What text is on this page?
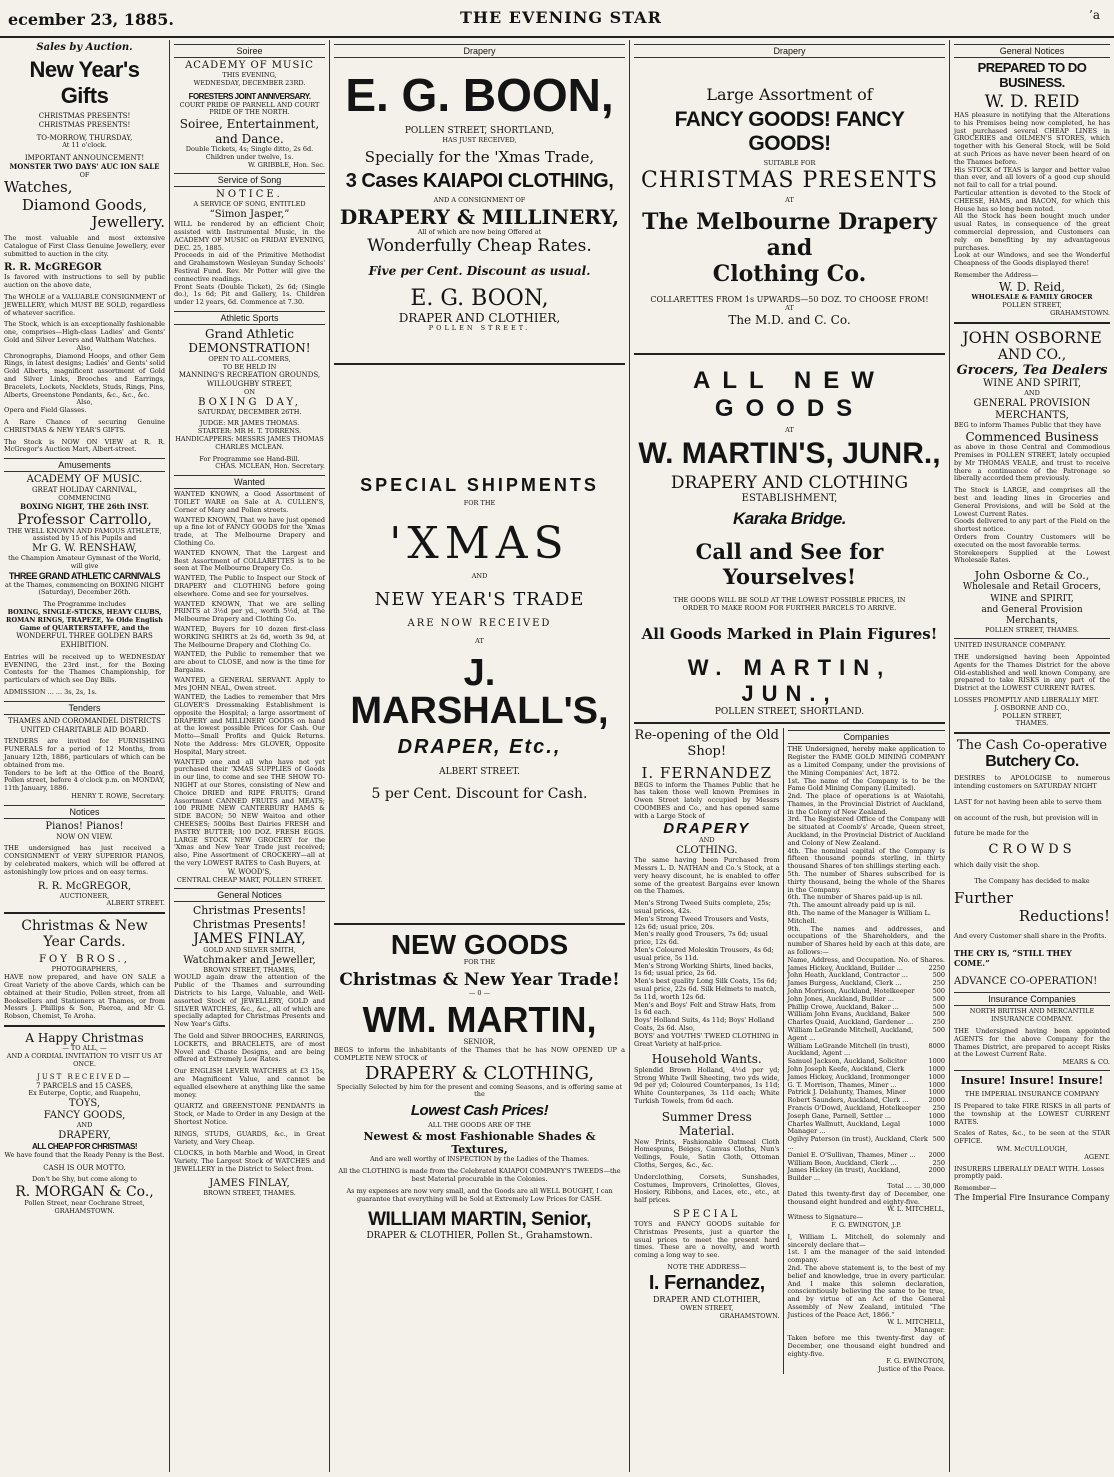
ecember 23, 1885.	THE EVENING STAR	’a
Sales by Auction.
New Year's Gifts
CHRISTMAS PRESENTS!
CHRISTMAS PRESENTS!
TO-MORROW, THURSDAY,
At 11 o'clock.
IMPORTANT ANNOUNCEMENT!
MONSTER TWO DAYS' AUC ION SALE
OF
Watches,
Diamond Goods,
Jewellery.
The most valuable and most extensive Catalogue of First Class Genuine Jewellery, ever submitted to auction in the city.
R. R. McGREGOR
Is favored with instructions to sell by public auction on the above date,
The WHOLE of a VALUABLE CONSIGNMENT of JEWELLERY, which MUST BE SOLD, regardless of whatever sacrifice.
The Stock, which is an exceptionally fashionable one, comprises—High-class Ladies' and Gents' Gold and Silver Levers and Waltham Watches.
Also,
Chronographs, Diamond Hoops, and other Gem Rings, in latest designs; Ladies' and Gents' solid Gold Alberts, magnificent assortment of Gold and Silver Links, Brooches and Earrings, Bracelets, Lockets, Necklets, Studs, Rings, Pins, Alberts, Greenstone Pendants, &c., &c., &c.
Also,
Opera and Field Glasses.
A Rare Chance of securing Genuine CHRISTMAS & NEW YEAR'S GIFTS.
The Stock is NOW ON VIEW at R. R. McGregor's Auction Mart, Albert-street.
Amusements
ACADEMY OF MUSIC.
GREAT HOLIDAY CARNIVAL,
COMMENCING
BOXING NIGHT, THE 26th INST.
Professor Carrollo,
THE WELL KNOWN AND FAMOUS ATHLETE, assisted by 15 of his Pupils and
Mr G. W. RENSHAW,
the Champion Amateur Gymnast of the World, will give
THREE GRAND ATHLETIC CARNIVALS
at the Thames, commencing on BOXING NIGHT (Saturday), December 26th.
The Programme includes
BOXING, SINGLE-STICKS, HEAVY CLUBS, ROMAN RINGS, TRAPEZE, Ye Olde English Game of QUARTERSTAFFE, and the
WONDERFUL THREE GOLDEN BARS EXHIBITION.
Entries will be received up to WEDNESDAY EVENING, the 23rd inst., for the Boxing Contests for the Thames Championship, for particulars of which see Day Bills.
ADMISSION ... ... 3s, 2s, 1s.
Tenders
THAMES AND COROMANDEL DISTRICTS UNITED CHARITABLE AID BOARD.
TENDERS are invited for FURNISHING FUNERALS for a period of 12 Months, from January 12th, 1886, particulars of which can be obtained from me.
Tenders to be left at the Office of the Board, Pollen street, before 4 o'clock p.m. on MONDAY, 11th January, 1886.
HENRY T. ROWE, Secretary.
Notices
Pianos! Pianos!
NOW ON VIEW.
THE undersigned has just received a CONSIGNMENT of VERY SUPERIOR PIANOS, by celebrated makers, which will be offered at astonishingly low prices and on easy terms.
R. R. McGREGOR,
AUCTIONEER,
ALBERT STREET.
Christmas & New
Year Cards.
FOY BROS.,
PHOTOGRAPHERS,
HAVE now prepared, and have ON SALE a Great Variety of the above Cards, which can be obtained at their Studio, Pollen street, from all Booksellers and Stationers at Thames, or from Messrs J. Phillips & Son, Paeroa, and Mr G. Robson, Chemist, Te Aroha.
A Happy Christmas
— TO ALL, —
AND A CORDIAL INVITATION TO VISIT US AT ONCE.
JUST RECEIVED—
7 PARCELS and 15 CASES,
Ex Euterpe, Coptic, and Ruapehu,
TOYS,
FANCY GOODS,
AND
DRAPERY,
ALL CHEAP FOR CHRISTMAS!
We have found that the Ready Penny is the Best.
CASH IS OUR MOTTO.
Don't be Shy, but come along to
R. MORGAN & Co.,
Pollen Street, near Cochrane Street,
GRAHAMSTOWN.
Soiree
ACADEMY OF MUSIC
THIS EVENING,
WEDNESDAY, DECEMBER 23RD.
FORESTERS JOINT ANNIVERSARY.
COURT PRIDE OF PARNELL AND COURT PRIDE OF THE NORTH.
Soiree, Entertainment, and Dance.
Double Tickets, 4s; Single ditto, 2s 6d. Children under twelve, 1s.
W. GRIBBLE, Hon. Sec.
Service of Song
NOTICE.
A SERVICE OF SONG, ENTITLED
“Simon Jasper,”
WILL be rendered by an efficient Choir, assisted with Instrumental Music, in the ACADEMY OF MUSIC on FRIDAY EVENING, DEC. 25, 1885.
Proceeds in aid of the Primitive Methodist and Grahamstown Wesleyan Sunday Schools' Festival Fund. Rev. Mr Potter will give the connective readings.
Front Seats (Double Ticket), 2s 6d; (Single do.), 1s 6d; Pit and Gallery, 1s. Children under 12 years, 6d. Commence at 7.30.
Athletic Sports
Grand Athletic
DEMONSTRATION!
OPEN TO ALL-COMERS,
TO BE HELD IN
MANNING'S RECREATION GROUNDS, WILLOUGHBY STREET,
ON
BOXING DAY,
SATURDAY, DECEMBER 26TH.
JUDGE: MR JAMES THOMAS.
STARTER: MR H. T. TORRENS.
HANDICAPPERS: MESSRS JAMES THOMAS CHARLES MCLEAN.
For Programme see Hand-Bill.
CHAS. MCLEAN, Hon. Secretary.
Wanted
WANTED KNOWN, a Good Assortment of TOILET WARE on Sale at A. CULLEN'S, Corner of Mary and Pollen streets.
WANTED KNOWN, That we have just opened up a fine lot of FANCY GOODS for the 'Xmas trade, at The Melbourne Drapery and Clothing Co.
WANTED KNOWN, That the Largest and Best Assortment of COLLARETTES is to be seen at The Melbourne Drapery Co.
WANTED, The Public to Inspect our Stock of DRAPERY and CLOTHING before going elsewhere. Come and see for yourselves.
WANTED KNOWN, That we are selling PRINTS at 3½d per yd., worth 5½d, at The Melbourne Drapery and Clothing Co.
WANTED, Buyers for 10 dozen first-class WORKING SHIRTS at 2s 6d, worth 3s 9d, at The Melbourne Drapery and Clothing Co.
WANTED, the Public to remember that we are about to CLOSE, and now is the time for Bargains.
WANTED, a GENERAL SERVANT. Apply to Mrs JOHN NEAL, Owen street.
WANTED, the Ladies to remember that Mrs GLOVER'S Dressmaking Establishment is opposite the Hospital; a large assortment of DRAPERY and MILLINERY GOODS on hand at the lowest possible Prices for Cash. Our Motto—Small Profits and Quick Returns. Note the Address: Mrs GLOVER, Opposite Hospital, Mary street.
WANTED one and all who have not yet purchased their 'XMAS SUPPLIES of Goods in our line, to come and see THE SHOW TO-NIGHT at our Stores, consisting of New and Choice DRIED and RIPE FRUITS; Grand Assortment CANNED FRUITS and MEATS; 100 PRIME NEW CANTERBURY HAMS & SIDE BACON; 50 NEW Waitoa and other CHEESES; 500lbs Best Dairies FRESH and PASTRY BUTTER; 100 DOZ. FRESH EGGS. LARGE STOCK NEW GROCERY for the 'Xmas and New Year Trade just received; also, Fine Assortment of CROCKERY—all at the very LOWEST RATES to Cash Buyers, at
W. WOOD'S,
CENTRAL CHEAP MART, POLLEN STREET.
General Notices
Christmas Presents!
Christmas Presents!
JAMES FINLAY,
GOLD AND SILVER SMITH,
Watchmaker and Jeweller,
BROWN STREET, THAMES,
WOULD again draw the attention of the Public of the Thames and surrounding Districts to his Large, Valuable, and Well-assorted Stock of JEWELLERY, GOLD and SILVER WATCHES, &c., &c., all of which are specially adapted for Christmas Presents and New Year's Gifts.
The Gold and Silver BROOCHES, EARRINGS, LOCKETS, and BRACELETS, are of most Novel and Chaste Designs, and are being offered at Extremely Low Rates.
Our ENGLISH LEVER WATCHES at £3 15s, are Magnificent Value, and cannot be equalled elsewhere at anything like the same money.
QUARTZ and GREENSTONE PENDANTS in Stock, or Made to Order in any Design at the Shortest Notice.
RINGS, STUDS, GUARDS, &c., in Great Variety, and Very Cheap.
CLOCKS, in both Marble and Wood, in Great Variety. The Largest Stock of WATCHES and JEWELLERY in the District to Select from.
JAMES FINLAY,
BROWN STREET, THAMES.
Drapery
E. G. BOON,
POLLEN STREET, SHORTLAND,
HAS JUST RECEIVED,
Specially for the 'Xmas Trade,
3 Cases KAIAPOI CLOTHING,
AND A CONSIGNMENT OF
DRAPERY & MILLINERY,
All of which are now being Offered at
Wonderfully Cheap Rates.
Five per Cent. Discount as usual.
E. G. BOON,
DRAPER AND CLOTHIER,
POLLEN STREET.
SPECIAL SHIPMENTS
FOR THE
'XMAS
AND
NEW YEAR'S TRADE
ARE NOW RECEIVED
AT
J. MARSHALL'S,
DRAPER, Etc.,
ALBERT STREET.
5 per Cent. Discount for Cash.
NEW GOODS
FOR THE
Christmas & New Year Trade!
— 0 —
WM. MARTIN,
SENIOR,
BEGS to inform the inhabitants of the Thames that he has NOW OPENED UP a COMPLETE NEW STOCK of
DRAPERY & CLOTHING,
Specially Selected by him for the present and coming Seasons, and is offering same at the
Lowest Cash Prices!
ALL THE GOODS ARE OF THE
Newest & most Fashionable Shades & Textures,
And are well worthy of INSPECTION by the Ladies of the Thames.
All the CLOTHING is made from the Celebrated KAIAPOI COMPANY'S TWEEDS—the best Material procurable in the Colonies.
As my expenses are now very small, and the Goods are all WELL BOUGHT, I can guarantee that everything will be Sold at Extremely Low Prices for CASH.
WILLIAM MARTIN, Senior,
DRAPER & CLOTHIER, Pollen St., Grahamstown.
Drapery
Large Assortment of
FANCY GOODS! FANCY GOODS!
SUITABLE FOR
CHRISTMAS PRESENTS
AT
The Melbourne Drapery and
Clothing Co.
COLLARETTES FROM 1s UPWARDS—50 DOZ. TO CHOOSE FROM!
AT
The M.D. and C. Co.
ALL NEW GOODS
AT
W. MARTIN'S, JUNR.,
DRAPERY AND CLOTHING
ESTABLISHMENT,
Karaka Bridge.
Call and See for Yourselves!
THE GOODS WILL BE SOLD AT THE LOWEST POSSIBLE PRICES, IN ORDER TO MAKE ROOM FOR FURTHER PARCELS TO ARRIVE.
All Goods Marked in Plain Figures!
W. MARTIN, JUN.,
POLLEN STREET, SHORTLAND.
Re-opening of the Old Shop!
I. FERNANDEZ
BEGS to inform the Thames Public that he has taken those well known Premises in Owen Street lately occupied by Messrs COOMBES and Co., and has opened same with a Large Stock of
DRAPERY
AND
CLOTHING.
The same having been Purchased from Messrs L. D. NATHAN and Co.'s Stock, at a very heavy discount, he is enabled to offer some of the greatest Bargains ever known on the Thames.
Men's Strong Tweed Suits complete, 25s; usual prices, 42s.
Men's Strong Tweed Trousers and Vests, 12s 6d; usual price, 20s.
Men's really good Trousers, 7s 6d; usual price, 12s 6d.
Men's Coloured Moleskin Trousers, 4s 6d; usual price, 5s 11d.
Men's Strong Working Shirts, lined backs, 1s 6d; usual price, 2s 6d.
Men's best quality Long Silk Coats, 15s 6d; usual price, 22s 6d. Silk Helmets to match, 5s 11d, worth 12s 6d.
Men's and Boys' Felt and Straw Hats, from 1s 6d each.
Boys' Holland Suits, 4s 11d; Boys' Holland Coats, 2s 6d. Also,
BOYS' and YOUTHS' TWEED CLOTHING in Great Variety at half-price.
Household Wants.
Splendid Brown Holland, 4½d per yd; Strong White Twill Sheeting, two yds wide, 9d per yd; Coloured Counterpanes, 1s 11d; White Counterpanes, 3s 11d each; White Turkish Towels, from 6d each.
Summer Dress Material.
New Prints, Fashionable Oatmeal Cloth Homespuns, Beiges, Canvas Cloths, Nun's Veilings, Foule, Satin Cloth, Ottoman Cloths, Serges, &c., &c.
Underclothing, Corsets, Sunshades, Costumes, Improvers, Crinolettes, Gloves, Hosiery, Ribbons, and Laces, etc., etc., at half prices.
SPECIAL
TOYS and FANCY GOODS suitable for Christmas Presents, just a quarter the usual prices to meet the present hard times. These are a novelty, and worth coming a long way to see.
NOTE THE ADDRESS—
I. Fernandez,
DRAPER AND CLOTHIER,
OWEN STREET,
GRAHAMSTOWN.
Companies
THE Undersigned, hereby make application to Register the FAME GOLD MINING COMPANY as a Limited Company, under the provisions of the Mining Companies' Act, 1872.
1st. The name of the Company is to be the Fame Gold Mining Company (Limited).
2nd. The place of operations is at Waiotahi, Thames, in the Provincial District of Auckland, in the Colony of New Zealand.
3rd. The Registered Office of the Company will be situated at Coomb's' Arcade, Queen street, Auckland, in the Provincial District of Auckland and Colony of New Zealand.
4th. The nominal capital of the Company is fifteen thousand pounds sterling, in thirty thousand Shares of ten shillings sterling each.
5th. The number of Shares subscribed for is thirty thousand, being the whole of the Shares in the Company.
6th. The number of Shares paid-up is nil.
7th. The amount already paid up is nil.
8th. The name of the Manager is William L. Mitchell.
9th. The names and addresses, and occupations of the Shareholders, and the number of Shares held by each at this date, are as follows:—
Name, Address, and Occupation. No. of Shares.
James Hickey, Auckland, Builder ...	2250
John Heath, Auckland, Contractor ...	500
James Burgess, Auckland, Clerk ...	250
John Morrison, Auckland, Hotelkeeper	500
John Jones, Auckland, Builder ...	500
Phillip Crowe, Auckland, Baker ...	500
William John Evans, Auckland, Baker	500
Charles Quaid, Auckland, Gardener ...	250
William LeGrande Mitchell, Auckland, Agent ...
500
William LeGrande Mitchell (in trust), Auckland, Agent ...
8000
Samuel Jackson, Auckland, Solicitor	1000
John Joseph Keefe, Auckland, Clerk	1000
James Hickey, Auckland, Ironmonger	1000
G. T. Morrison, Thames, Miner ...	1000
Patrick J. Delahunty, Thames, Miner	1000
Robert Saunders, Auckland, Clerk ...	2000
Francis O'Dowd, Auckland, Hotelkeeper 250
Joseph Gane, Parnell, Settler ...	1000
Charles Wallnutt, Auckland, Legal Manager ...
1000
Ogilvy Paterson (in trust), Auckland, Clerk ...
500
Daniel E. O'Sullivan, Thames, Miner ... 2000
William Beon, Auckland, Clerk ...	250
James Hickey (in trust), Auckland, Builder ...
2000
Total ... ... 30,000
Dated this twenty-first day of December, one thousand eight hundred and eighty-five.
W. L. MITCHELL,
Witness to Signature—
F. G. EWINGTON, J.P.
I, William L. Mitchell, do solemnly and sincerely declare that—
1st. I am the manager of the said intended company.
2nd. The above statement is, to the best of my belief and knowledge, true in every particular. And I make this solemn declaration, conscientiously believing the same to be true, and by virtue of an Act of the General Assembly of New Zealand, intituled “The Justices of the Peace Act, 1866.”
W. L. MITCHELL,
Manager.
Taken before me this twenty-first day of December, one thousand eight hundred and eighty-five.
F. G. EWINGTON,
Justice of the Peace.
General Notices
PREPARED TO DO BUSINESS.
W. D. REID
HAS pleasure in notifying that the Alterations to his Premises being now completed, he has just purchased several CHEAP LINES in GROCERIES and OILMEN'S STORES, which together with his General Stock, will be Sold at such Prices as have never been heard of on the Thames before.
His STOCK of TEAS is larger and better value than ever, and all lovers of a good cup should not fail to call for a trial pound.
Particular attention is devoted to the Stock of CHEESE, HAMS, and BACON, for which this House has so long been noted.
All the Stock has been bought much under usual Rates, in consequence of the great commercial depression, and Customers can rely on benefiting by my advantageous purchases.
Look at our Windows, and see the Wonderful Cheapness of the Goods displayed there!
Remember the Address—
W. D. Reid,
WHOLESALE & FAMILY GROCER
POLLEN STREET,
GRAHAMSTOWN.
JOHN OSBORNE
AND CO.,
Grocers, Tea Dealers
WINE AND SPIRIT,
AND
GENERAL PROVISION MERCHANTS,
BEG to inform Thames Public that they have
Commenced Business
as above in those Central and Commodious Premises in POLLEN STREET, lately occupied by Mr THOMAS VEALE, and trust to receive there a continuance of the Patronage so liberally accorded them previously.
The Stock is LARGE, and comprises all the best and leading lines in Groceries and General Provisions, and will be Sold at the Lowest Current Rates.
Goods delivered to any part of the Field on the shortest notice.
Orders from Country Customers will be executed on the most favorable terms.
Storekeepers Supplied at the Lowest Wholesale Rates.
John Osborne & Co.,
Wholesale and Retail Grocers,
WINE and SPIRIT,
and General Provision Merchants,
POLLEN STREET, THAMES.
UNITED INSURANCE COMPANY.
THE undersigned having been Appointed Agents for the Thames District for the above Old-established and well known Company, are prepared to take RISKS in any part of the District at the LOWEST CURRENT RATES.
LOSSES PROMPTLY AND LIBERALLY MET.
J. OSBORNE AND CO.,
POLLEN STREET,
THAMES.
The Cash Co-operative
Butchery Co.
DESIRES to APOLOGISE to numerous intending customers on SATURDAY NIGHT
LAST for not having been able to serve them
on account of the rush, but provision will in
future be made for the
CROWDS
which daily visit the shop.
The Company has decided to make
Further
Reductions!
And every Customer shall share in the Profits.
THE CRY IS, “STILL THEY COME.”
ADVANCE CO-OPERATION!
Insurance Companies
NORTH BRITISH AND MERCANTILE INSURANCE COMPANY.
THE Undersigned having been appointed AGENTS for the above Company for the Thames District, are prepared to accept Risks at the Lowest Current Rate.
MEARS & CO.
Insure! Insure! Insure!
THE IMPERIAL INSURANCE COMPANY
IS Prepared to take FIRE RISKS in all parts of the township at the LOWEST CURRENT RATES.
Scales of Rates, &c., to be seen at the STAR OFFICE.
WM. McCULLOUGH,
AGENT.
INSURERS LIBERALLY DEALT WITH. Losses promptly paid.
Remember—
The Imperial Fire Insurance Company
